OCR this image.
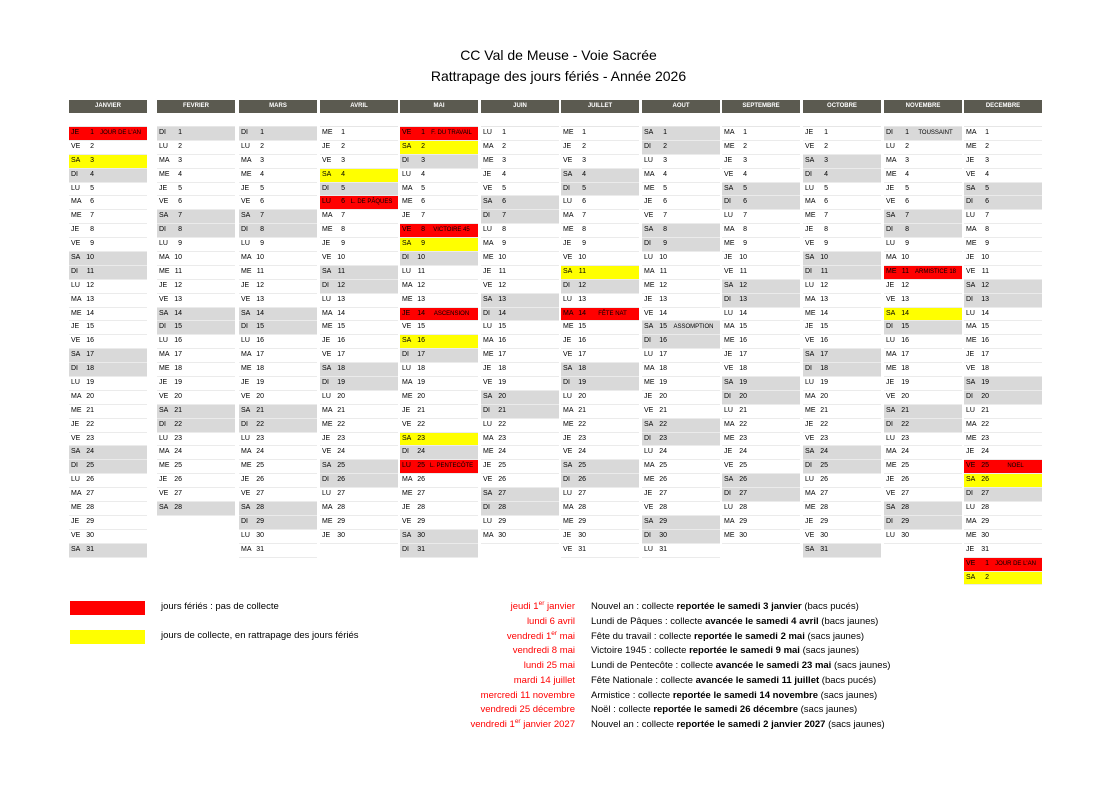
CC Val de Meuse - Voie Sacrée
Rattrapage des jours fériés - Année 2026
JANVIER
JE	1	JOUR DE L'AN
VE	2
SA	3
DI	4
LU	5
MA	6
ME	7
JE	8
VE	9
SA 10
DI	11
LU 12
MA 13
ME 14
JE	15
VE 16
SA 17
DI	18
LU 19
MA 20
ME 21
JE	22
VE 23
SA 24
DI	25
LU 26
MA 27
ME 28
JE	29
VE 30
SA 31
FEVRIER
DI	1
LU	2
MA	3
ME	4
JE	5
VE	6
SA	7
DI	8
LU	9
MA 10
ME 11
JE	12
VE 13
SA 14
DI	15
LU 16
MA 17
ME 18
JE	19
VE 20
SA 21
DI	22
LU 23
MA 24
ME 25
JE	26
VE 27
SA 28
MARS
DI	1
LU	2
MA	3
ME	4
JE	5
VE	6
SA	7
DI	8
LU	9
MA 10
ME 11
JE	12
VE 13
SA 14
DI	15
LU 16
MA 17
ME 18
JE	19
VE 20
SA 21
DI	22
LU 23
MA 24
ME 25
JE	26
VE 27
SA 28
DI	29
LU 30
MA 31
AVRIL
ME	1
JE	2
VE	3
SA	4
DI	5
LU	6 L. DE PÂQUES
MA	7
ME	8
JE	9
VE 10
SA 11
DI	12
LU 13
MA 14
ME 15
JE	16
VE 17
SA 18
DI	19
LU 20
MA 21
ME 22
JE	23
VE 24
SA 25
DI	26
LU 27
MA 28
ME 29
JE	30
MAI
VE	1	F. DU TRAVAIL
SA	2
DI	3
LU	4
MA	5
ME	6
JE	7
VE	8	VICTOIRE 45
SA	9
DI	10
LU 11
MA 12
ME 13
JE	14	ASCENSION
VE 15
SA 16
DI	17
LU 18
MA 19
ME 20
JE	21
VE 22
SA 23
DI	24
LU 25 L. PENTECÔTE
MA 26
ME 27
JE	28
VE 29
SA 30
DI	31
JUIN
LU	1
MA	2
ME	3
JE	4
VE	5
SA	6
DI	7
LU	8
MA	9
ME 10
JE	11
VE 12
SA 13
DI	14
LU 15
MA 16
ME 17
JE	18
VE 19
SA 20
DI	21
LU 22
MA 23
ME 24
JE	25
VE 26
SA 27
DI	28
LU 29
MA 30
JUILLET
ME	1
JE	2
VE	3
SA	4
DI	5
LU	6
MA	7
ME	8
JE	9
VE 10
SA 11
DI	12
LU 13
MA 14	FÊTE NAT
ME 15
JE	16
VE 17
SA 18
DI	19
LU 20
MA 21
ME 22
JE	23
VE 24
SA 25
DI	26
LU 27
MA 28
ME 29
JE	30
VE 31
AOUT
SA	1
DI	2
LU	3
MA	4
ME	5
JE	6
VE	7
SA	8
DI	9
LU 10
MA 11
ME 12
JE	13
VE 14
SA 15	ASSOMPTION
DI	16
LU 17
MA 18
ME 19
JE	20
VE 21
SA 22
DI	23
LU 24
MA 25
ME 26
JE	27
VE 28
SA 29
DI	30
LU 31
SEPTEMBRE
MA	1
ME	2
JE	3
VE	4
SA	5
DI	6
LU	7
MA	8
ME	9
JE	10
VE 11
SA 12
DI	13
LU 14
MA 15
ME 16
JE	17
VE 18
SA 19
DI	20
LU 21
MA 22
ME 23
JE	24
VE 25
SA 26
DI	27
LU 28
MA 29
ME 30
OCTOBRE
JE	1
VE	2
SA	3
DI	4
LU	5
MA	6
ME	7
JE	8
VE	9
SA 10
DI	11
LU 12
MA 13
ME 14
JE	15
VE 16
SA 17
DI	18
LU 19
MA 20
ME 21
JE	22
VE 23
SA 24
DI	25
LU 26
MA 27
ME 28
JE	29
VE 30
SA 31
NOVEMBRE
DI	1	TOUSSAINT
LU	2
MA	3
ME	4
JE	5
VE	6
SA	7
DI	8
LU	9
MA 10
ME 11 ARMISTICE 18
JE	12
VE 13
SA 14
DI	15
LU 16
MA 17
ME 18
JE	19
VE 20
SA 21
DI	22
LU 23
MA 24
ME 25
JE	26
VE 27
SA 28
DI	29
LU 30
DECEMBRE
MA	1
ME	2
JE	3
VE	4
SA	5
DI	6
LU	7
MA	8
ME	9
JE	10
VE 11
SA 12
DI	13
LU 14
MA 15
ME 16
JE	17
VE 18
SA 19
DI	20
LU 21
MA 22
ME 23
JE	24
VE 25	NOEL
SA 26
DI	27
LU 28
MA 29
ME 30
JE	31
VE	1	JOUR DE L'AN
SA	2
jours fériés : pas de collecte
jours de collecte, en rattrapage des jours fériés
jeudi 1er janvier Nouvel an : collecte reportée le samedi 3 janvier (bacs pucés)
lundi 6 avril Lundi de Pâques : collecte avancée le samedi 4 avril (bacs jaunes)
vendredi 1er mai Fête du travail : collecte reportée le samedi 2 mai (sacs jaunes)
vendredi 8 mai Victoire 1945 : collecte reportée le samedi 9 mai (sacs jaunes)
lundi 25 mai Lundi de Pentecôte : collecte avancée le samedi 23 mai (sacs jaunes)
mardi 14 juillet Fête Nationale : collecte avancée le samedi 11 juillet (bacs pucés)
mercredi 11 novembre Armistice : collecte reportée le samedi 14 novembre (sacs jaunes)
vendredi 25 décembre Noël : collecte reportée le samedi 26 décembre (sacs jaunes)
vendredi 1er janvier 2027 Nouvel an : collecte reportée le samedi 2 janvier 2027 (sacs jaunes)
